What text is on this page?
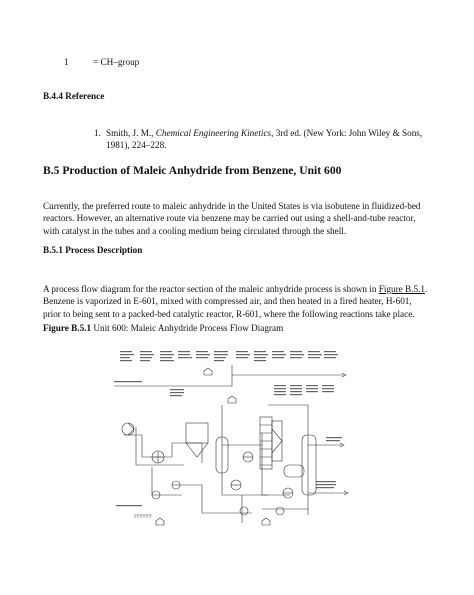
1	= CH–group
B.4.4 Reference
1. Smith, J. M., Chemical Engineering Kinetics, 3rd ed. (New York: John Wiley & Sons,
1981), 224–228.
B.5 Production of Maleic Anhydride from Benzene, Unit 600
Currently, the preferred route to maleic anhydride in the United States is via isobutene in fluidized-bed
reactors. However, an alternative route via benzene may be carried out using a shell-and-tube reactor,
with catalyst in the tubes and a cooling medium being circulated through the shell.
B.5.1 Process Description
A process flow diagram for the reactor section of the maleic anhydride process is shown in Figure B.5.1.
Benzene is vaporized in E-601, mixed with compressed air, and then heated in a fired heater, H-601,
prior to being sent to a packed-bed catalytic reactor, R-601, where the following reactions take place.
Figure B.5.1 Unit 600: Maleic Anhydride Process Flow Diagram
